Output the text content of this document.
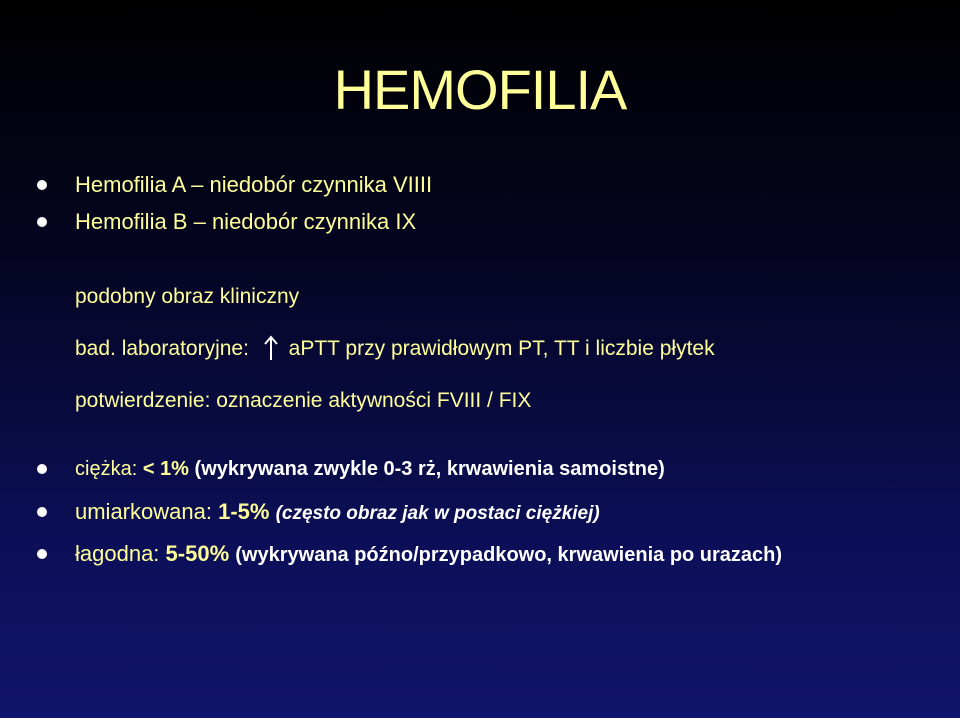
HEMOFILIA
Hemofilia A – niedobór czynnika VIIII
Hemofilia B – niedobór czynnika IX
podobny obraz kliniczny
bad. laboratoryjne: aPTT przy prawidłowym PT, TT i liczbie płytek
potwierdzenie: oznaczenie aktywności FVIII / FIX
ciężka: < 1% (wykrywana zwykle 0-3 rż, krwawienia samoistne)
umiarkowana: 1-5% (często obraz jak w postaci ciężkiej)
łagodna: 5-50% (wykrywana późno/przypadkowo, krwawienia po urazach)
